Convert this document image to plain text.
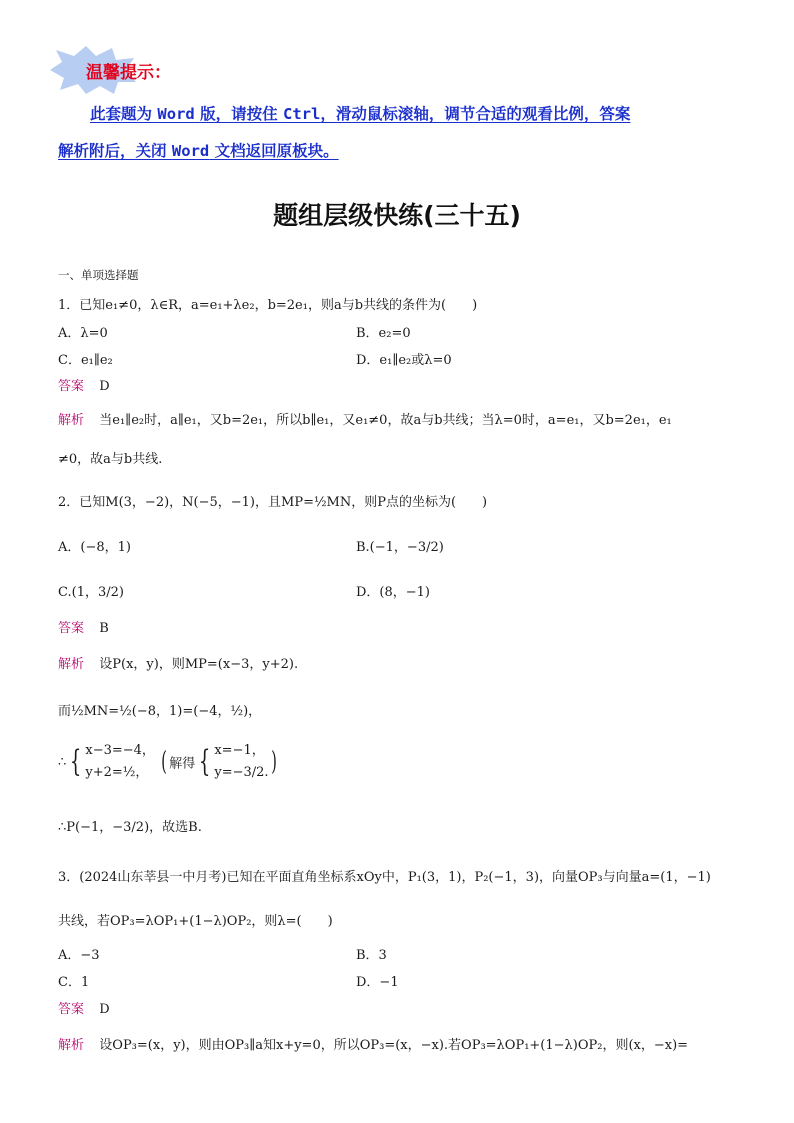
温馨提示：
此套题为 Word 版，请按住 Ctrl，滑动鼠标滚轴，调节合适的观看比例，答案
解析附后，关闭 Word 文档返回原板块。
题组层级快练(三十五)
一、单项选择题
1．已知e₁≠0，λ∈R，a=e₁+λe₂，b=2e₁，则a与b共线的条件为(　　)
A．λ=0	B．e₂=0
C．e₁∥e₂	D．e₁∥e₂或λ=0
答案 D
解析 当e₁∥e₂时，a∥e₁，又b=2e₁，所以b∥e₁，又e₁≠0，故a与b共线；当λ=0时，a=e₁，又b=2e₁，e₁
≠0，故a与b共线.
2．已知M(3，−2)，N(−5，−1)，且MP=½MN，则P点的坐标为(　　)
A．(−8，1)	B.(−1，−3/2)
C.(1，3/2)	D．(8，−1)
答案 B
解析 设P(x，y)，则MP=(x−3，y+2).
而½MN=½(−8，1)=(−4，½)，
∴ { x−3=−4，
y+2=½， ( 解得 { x=−1，
y=−3/2. )
∴P(−1，−3/2)，故选B.
3．(2024山东莘县一中月考)已知在平面直角坐标系xOy中，P₁(3，1)，P₂(−1，3)，向量OP₃与向量a=(1，−1)
共线，若OP₃=λOP₁+(1−λ)OP₂，则λ=(　　)
A．−3	B．3
C．1	D．−1
答案 D
解析 设OP₃=(x，y)，则由OP₃∥a知x+y=0，所以OP₃=(x，−x).若OP₃=λOP₁+(1−λ)OP₂，则(x，−x)=
